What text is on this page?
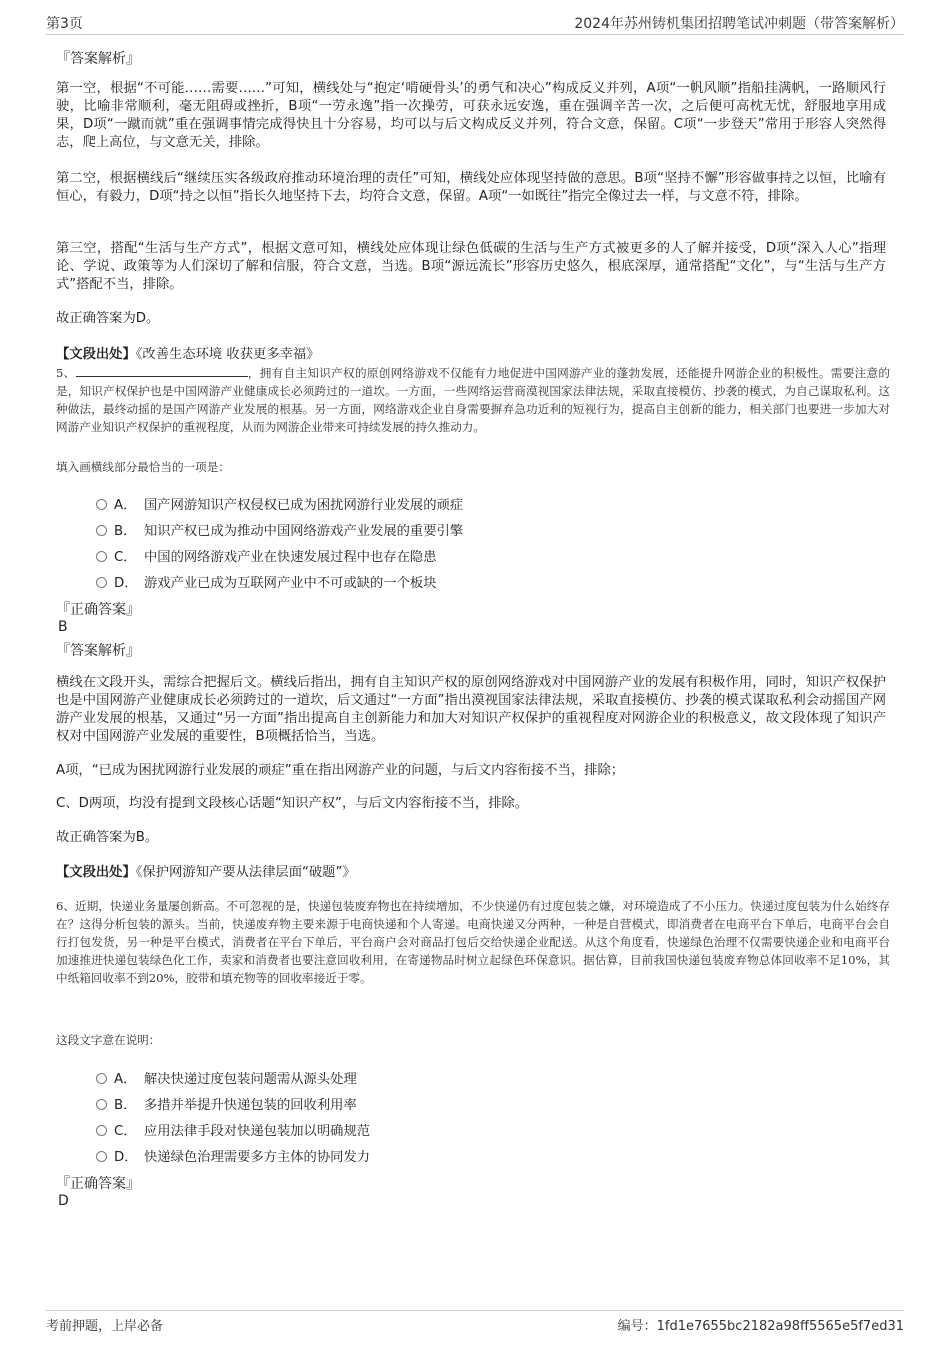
第3页	2024年苏州铸机集团招聘笔试冲刺题（带答案解析）
『答案解析』
第一空，根据“不可能……需要……”可知，横线处与“抱定‘啃硬骨头’的勇气和决心”构成反义并列，A项“一帆风顺”指船挂满帆，一路顺风行驶，比喻非常顺利，毫无阻碍或挫折，B项“一劳永逸”指一次操劳，可获永远安逸，重在强调辛苦一次，之后便可高枕无忧，舒服地享用成果，D项“一蹴而就”重在强调事情完成得快且十分容易，均可以与后文构成反义并列，符合文意，保留。C项“一步登天”常用于形容人突然得志，爬上高位，与文意无关，排除。
第二空，根据横线后“继续压实各级政府推动环境治理的责任”可知，横线处应体现坚持做的意思。B项“坚持不懈”形容做事持之以恒，比喻有恒心，有毅力，D项“持之以恒”指长久地坚持下去，均符合文意，保留。A项“一如既往”指完全像过去一样，与文意不符，排除。
第三空，搭配“生活与生产方式”，根据文意可知，横线处应体现让绿色低碳的生活与生产方式被更多的人了解并接受，D项“深入人心”指理论、学说、政策等为人们深切了解和信服，符合文意，当选。B项“源远流长”形容历史悠久，根底深厚，通常搭配“文化”，与“生活与生产方式”搭配不当，排除。
故正确答案为D。
【文段出处】《改善生态环境 收获更多幸福》
5、	，拥有自主知识产权的原创网络游戏不仅能有力地促进中国网游产业的蓬勃发展，还能提升网游企业的积极性。需要注意的是，知识产权保护也是中国网游产业健康成长必须跨过的一道坎。一方面，一些网络运营商漠视国家法律法规，采取直接模仿、抄袭的模式，为自己谋取私利。这种做法，最终动摇的是国产网游产业发展的根基。另一方面，网络游戏企业自身需要摒弃急功近利的短视行为，提高自主创新的能力，相关部门也要进一步加大对网游产业知识产权保护的重视程度，从而为网游企业带来可持续发展的持久推动力。
填入画横线部分最恰当的一项是：
A． 国产网游知识产权侵权已成为困扰网游行业发展的顽症
B． 知识产权已成为推动中国网络游戏产业发展的重要引擎
C． 中国的网络游戏产业在快速发展过程中也存在隐患
D． 游戏产业已成为互联网产业中不可或缺的一个板块
『正确答案』
B
『答案解析』
横线在文段开头，需综合把握后文。横线后指出，拥有自主知识产权的原创网络游戏对中国网游产业的发展有积极作用，同时，知识产权保护也是中国网游产业健康成长必须跨过的一道坎，后文通过“一方面”指出漠视国家法律法规，采取直接模仿、抄袭的模式谋取私利会动摇国产网游产业发展的根基，又通过“另一方面”指出提高自主创新能力和加大对知识产权保护的重视程度对网游企业的积极意义，故文段体现了知识产权对中国网游产业发展的重要性，B项概括恰当，当选。
A项，“已成为困扰网游行业发展的顽症”重在指出网游产业的问题，与后文内容衔接不当，排除；
C、D两项，均没有提到文段核心话题“知识产权”，与后文内容衔接不当，排除。
故正确答案为B。
【文段出处】《保护网游知产要从法律层面“破题”》
6、近期，快递业务量屡创新高。不可忽视的是，快递包装废弃物也在持续增加，不少快递仍有过度包装之嫌，对环境造成了不小压力。快递过度包装为什么始终存在？这得分析包装的源头。当前，快递废弃物主要来源于电商快递和个人寄递。电商快递又分两种，一种是自营模式，即消费者在电商平台下单后，电商平台会自行打包发货，另一种是平台模式，消费者在平台下单后，平台商户会对商品打包后交给快递企业配送。从这个角度看，快递绿色治理不仅需要快递企业和电商平台加速推进快递包装绿色化工作，卖家和消费者也要注意回收利用，在寄递物品时树立起绿色环保意识。据估算，目前我国快递包装废弃物总体回收率不足10%，其中纸箱回收率不到20%，胶带和填充物等的回收率接近于零。
这段文字意在说明：
A． 解决快递过度包装问题需从源头处理
B． 多措并举提升快递包装的回收利用率
C． 应用法律手段对快递包装加以明确规范
D． 快递绿色治理需要多方主体的协同发力
『正确答案』
D
考前押题，上岸必备	编号：1fd1e7655bc2182a98ff5565e5f7ed31
